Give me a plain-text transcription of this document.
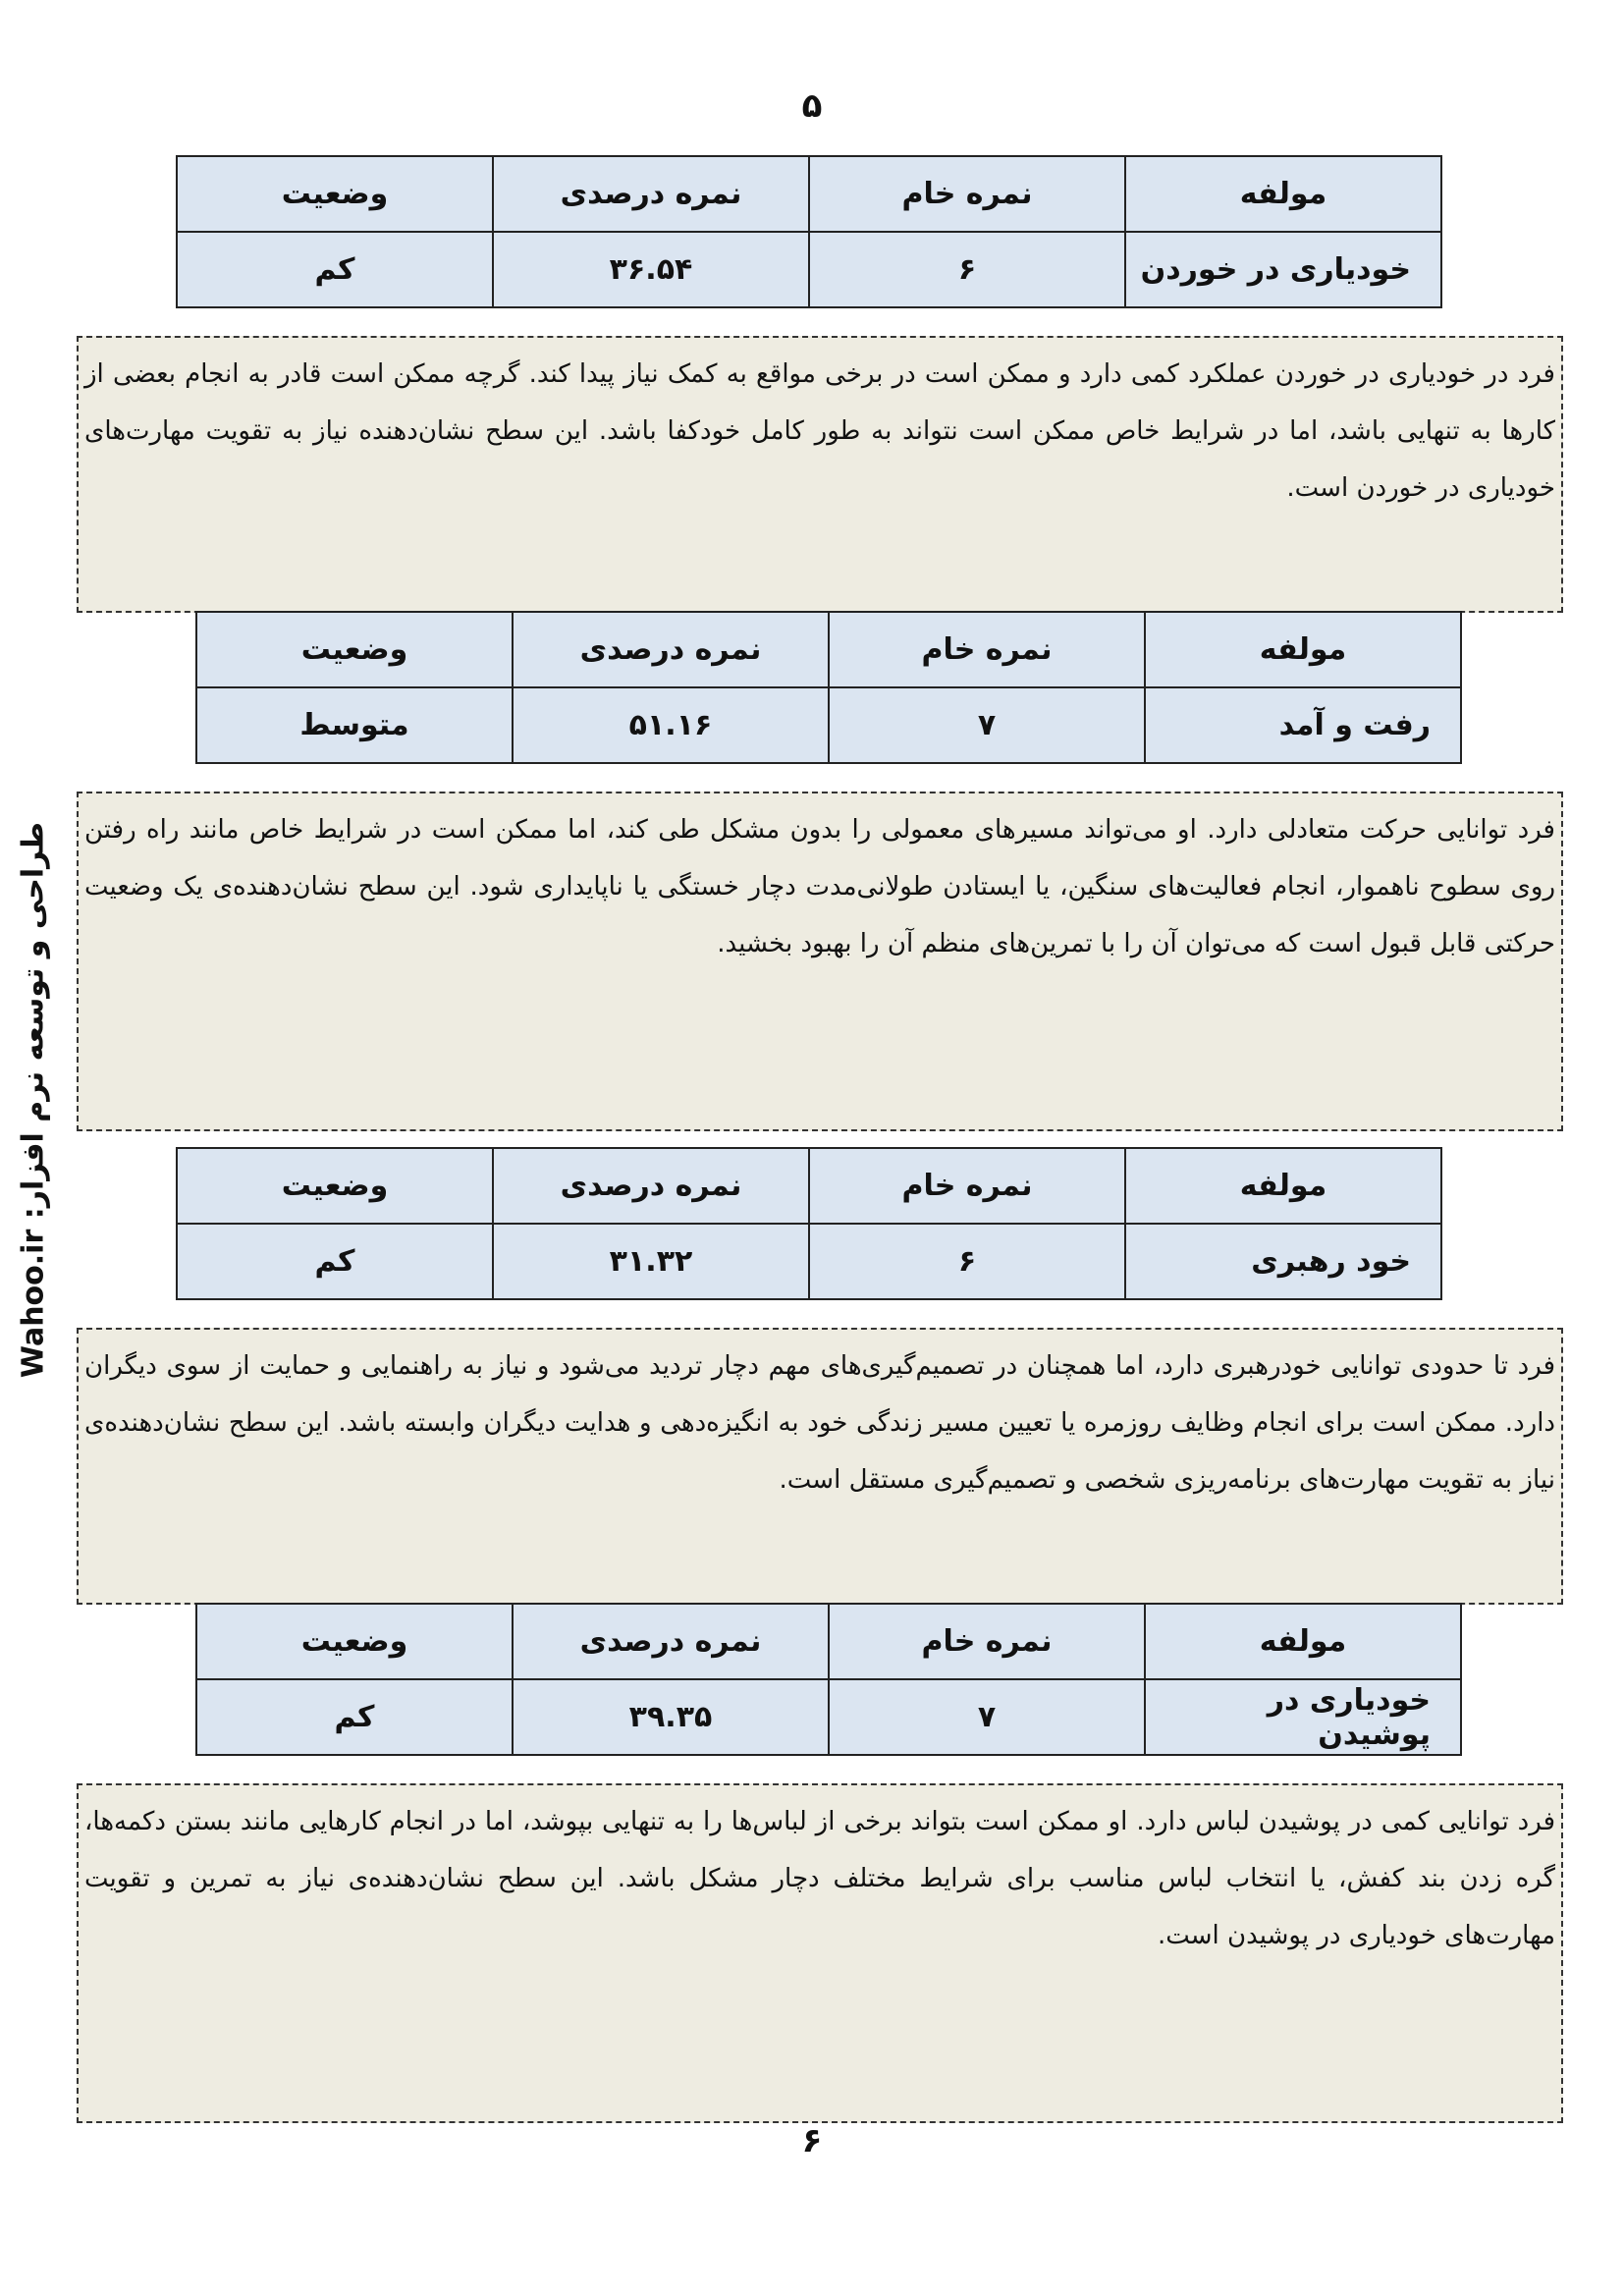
۵
مولفه	نمره خام	نمره درصدی	وضعیت
خودیاری در خوردن	۶	۳۶.۵۴	کم
فرد در خودیاری در خوردن عملکرد کمی دارد و ممکن است در برخی مواقع به کمک نیاز پیدا کند. گرچه ممکن است قادر به انجام بعضی از کارها به تنهایی باشد، اما در شرایط خاص ممکن است نتواند به طور کامل خودکفا باشد. این سطح نشان‌دهنده نیاز به تقویت مهارت‌های خودیاری در خوردن است.
مولفه	نمره خام	نمره درصدی	وضعیت
رفت و آمد	۷	۵۱.۱۶	متوسط
فرد توانایی حرکت متعادلی دارد. او می‌تواند مسیرهای معمولی را بدون مشکل طی کند، اما ممکن است در شرایط خاص مانند راه رفتن روی سطوح ناهموار، انجام فعالیت‌های سنگین، یا ایستادن طولانی‌مدت دچار خستگی یا ناپایداری شود. این سطح نشان‌دهنده‌ی یک وضعیت حرکتی قابل قبول است که می‌توان آن را با تمرین‌های منظم آن را بهبود بخشید.
مولفه	نمره خام	نمره درصدی	وضعیت
خود رهبری	۶	۳۱.۳۲	کم
فرد تا حدودی توانایی خودرهبری دارد، اما همچنان در تصمیم‌گیری‌های مهم دچار تردید می‌شود و نیاز به راهنمایی و حمایت از سوی دیگران دارد. ممکن است برای انجام وظایف روزمره یا تعیین مسیر زندگی خود به انگیزه‌دهی و هدایت دیگران وابسته باشد. این سطح نشان‌دهنده‌ی نیاز به تقویت مهارت‌های برنامه‌ریزی شخصی و تصمیم‌گیری مستقل است.
مولفه	نمره خام	نمره درصدی	وضعیت
خودیاری در پوشیدن	۷	۳۹.۳۵	کم
فرد توانایی کمی در پوشیدن لباس دارد. او ممکن است بتواند برخی از لباس‌ها را به تنهایی بپوشد، اما در انجام کارهایی مانند بستن دکمه‌ها، گره زدن بند کفش، یا انتخاب لباس مناسب برای شرایط مختلف دچار مشکل باشد. این سطح نشان‌دهنده‌ی نیاز به تمرین و تقویت مهارت‌های خودیاری در پوشیدن است.
۶
طراحی و توسعه نرم افزار: Wahoo.ir
